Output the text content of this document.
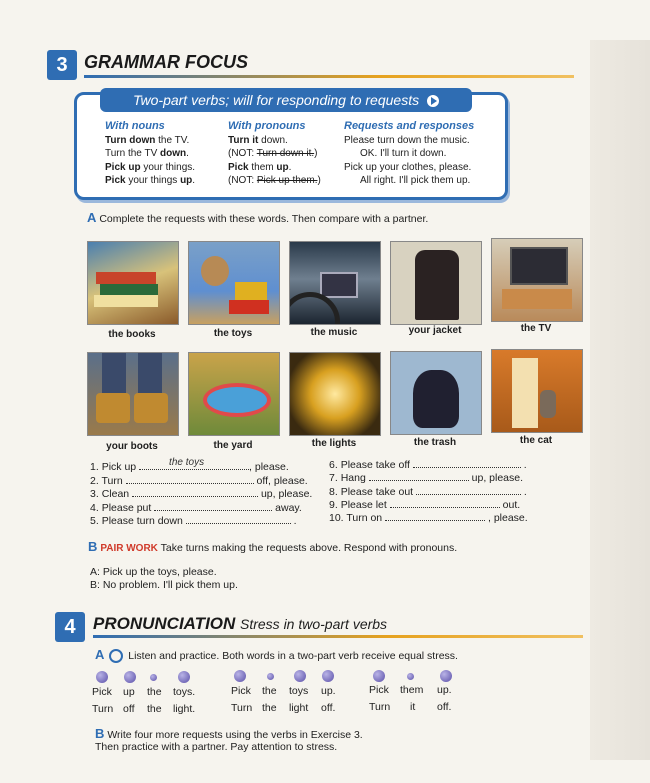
3 GRAMMAR FOCUS
Two-part verbs; will for responding to requests
With nouns
Turn down the TV.
Turn the TV down.
Pick up your things.
Pick your things up.
With pronouns
Turn it down.
(NOT: Turn down it.)
Pick them up.
(NOT: Pick up them.)
Requests and responses
Please turn down the music.
OK. I'll turn it down.
Pick up your clothes, please.
All right. I'll pick them up.
A Complete the requests with these words. Then compare with a partner.
the books	the toys	the music	your jacket	the TV
your boots	the yard	the lights	the trash	the cat
1. Pick up	the toys	, please.
2. Turn	off, please.
3. Clean	up, please.
4. Please put	away.
5. Please turn down	.
6. Please take off	.
7. Hang	up, please.
8. Please take out	.
9. Please let	out.
10. Turn on	, please.
B PAIR WORK Take turns making the requests above. Respond with pronouns.
A: Pick up the toys, please.
B: No problem. I'll pick them up.
4	PRONUNCIATION Stress in two-part verbs
A Listen and practice. Both words in a two-part verb receive equal stress.
Pick up the toys.
Turn off the light.
Pick the toys up.
Turn the light off.
Pick them up.
Turn it off.
B Write four more requests using the verbs in Exercise 3.
Then practice with a partner. Pay attention to stress.
